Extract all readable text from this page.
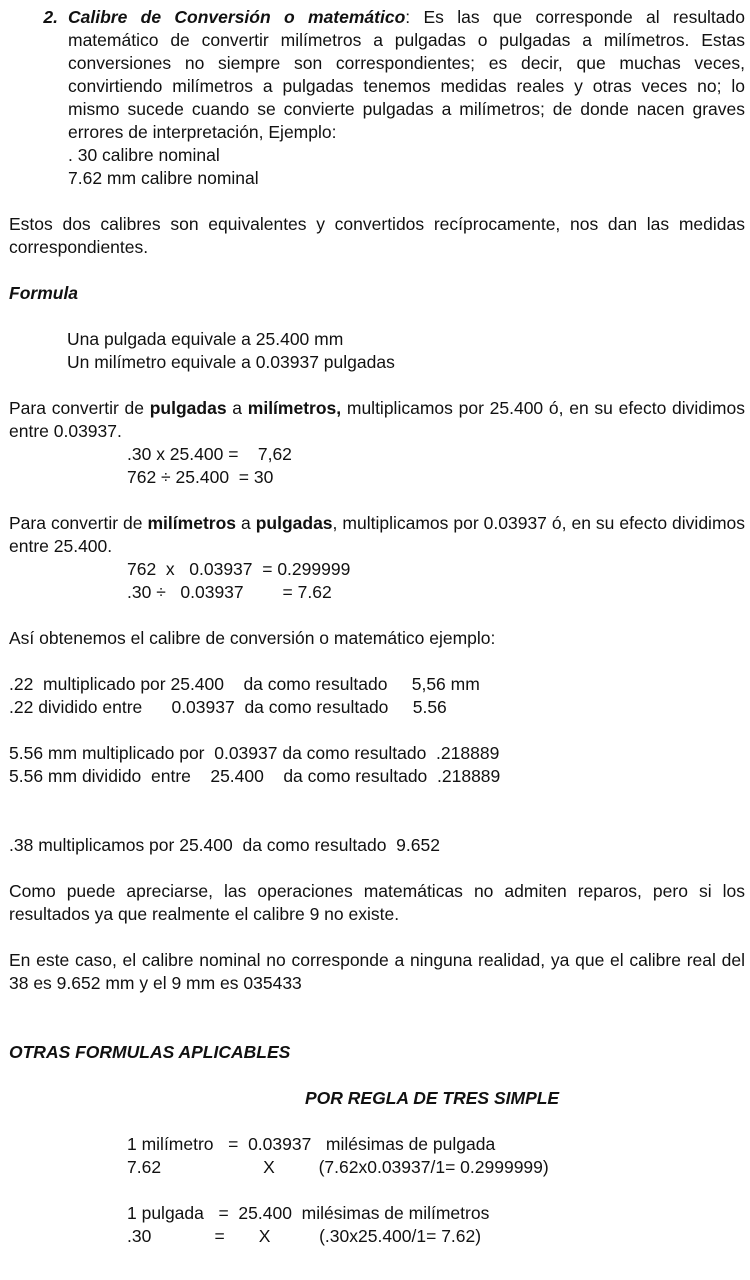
2. Calibre de Conversión o matemático: Es las que corresponde al resultado matemático de convertir milímetros a pulgadas o pulgadas a milímetros. Estas conversiones no siempre son correspondientes; es decir, que muchas veces, convirtiendo milímetros a pulgadas tenemos medidas reales y otras veces no; lo mismo sucede cuando se convierte pulgadas a milímetros; de donde nacen graves errores de interpretación, Ejemplo:
. 30 calibre nominal
7.62 mm calibre nominal
Estos dos calibres son equivalentes y convertidos recíprocamente, nos dan las medidas correspondientes.
Formula
Una pulgada equivale a 25.400 mm
Un milímetro equivale a 0.03937 pulgadas
Para convertir de pulgadas a milímetros, multiplicamos por 25.400 ó, en su efecto dividimos entre 0.03937.
.30 x 25.400 =    7,62
762 ÷ 25.400  = 30
Para convertir de milímetros a pulgadas, multiplicamos por 0.03937 ó, en su efecto dividimos entre 25.400.
762  x   0.03937  = 0.299999
.30 ÷   0.03937        = 7.62
Así obtenemos el calibre de conversión o matemático ejemplo:
.22  multiplicado por 25.400    da como resultado     5,56 mm
.22 dividido entre      0.03937  da como resultado     5.56
5.56 mm multiplicado por  0.03937 da como resultado  .218889
5.56 mm dividido  entre    25.400    da como resultado  .218889
.38 multiplicamos por 25.400  da como resultado  9.652
Como puede apreciarse, las operaciones matemáticas no admiten reparos, pero si los resultados ya que realmente el calibre 9 no existe.
En este caso, el calibre nominal no corresponde a ninguna realidad, ya que el calibre real del 38 es 9.652 mm y el 9 mm es 035433
OTRAS FORMULAS APLICABLES
POR REGLA DE TRES SIMPLE
1 milímetro   =  0.03937   milésimas de pulgada
7.62                     X         (7.62x0.03937/1= 0.2999999)
1 pulgada   =  25.400  milésimas de milímetros
.30             =       X          (.30x25.400/1= 7.62)
